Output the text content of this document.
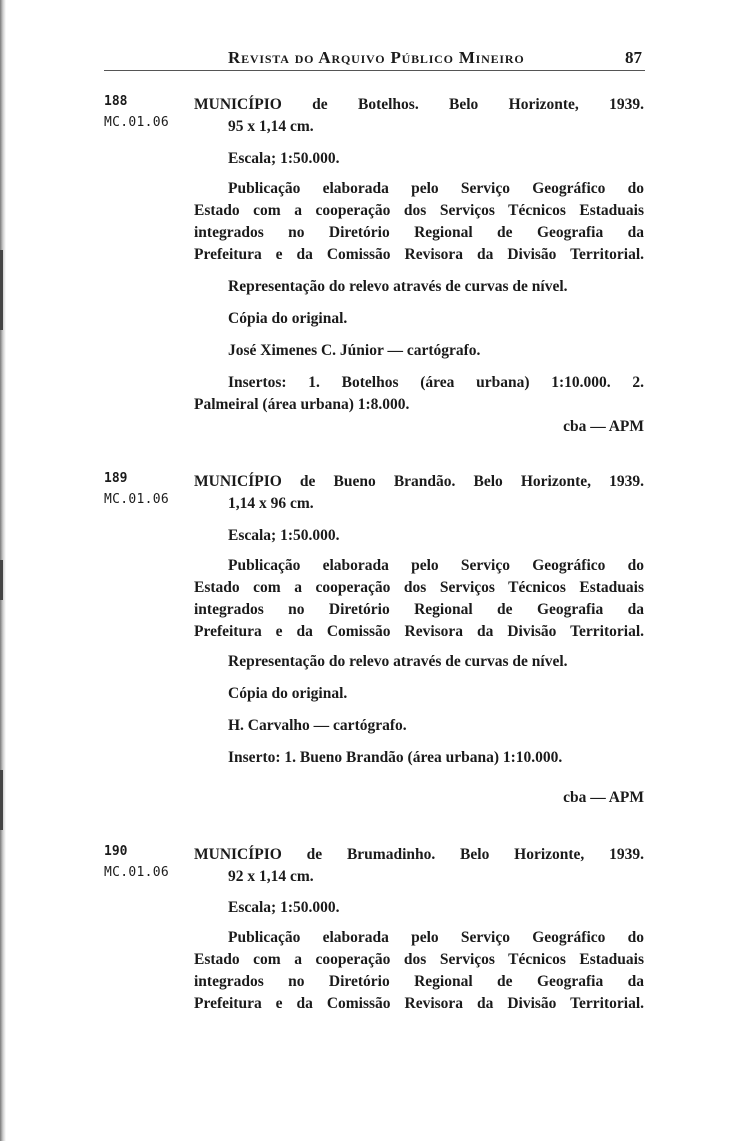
Revista do Arquivo Público Mineiro	87
188
MC.01.06
MUNICÍPIO de Botelhos. Belo Horizonte, 1939.
95 x 1,14 cm.
Escala; 1:50.000.
Publicação elaborada pelo Serviço Geográfico do
Estado com a cooperação dos Serviços Técnicos Estaduais
integrados no Diretório Regional de Geografia da
Prefeitura e da Comissão Revisora da Divisão Territorial.
Representação do relevo através de curvas de nível.
Cópia do original.
José Ximenes C. Júnior — cartógrafo.
Insertos: 1. Botelhos (área urbana) 1:10.000. 2.
Palmeiral (área urbana) 1:8.000.
cba — APM
189
MC.01.06
MUNICÍPIO de Bueno Brandão. Belo Horizonte, 1939.
1,14 x 96 cm.
Escala; 1:50.000.
Publicação elaborada pelo Serviço Geográfico do
Estado com a cooperação dos Serviços Técnicos Estaduais
integrados no Diretório Regional de Geografia da
Prefeitura e da Comissão Revisora da Divisão Territorial.
Representação do relevo através de curvas de nível.
Cópia do original.
H. Carvalho — cartógrafo.
Inserto: 1. Bueno Brandão (área urbana) 1:10.000.
cba — APM
190
MC.01.06
MUNICÍPIO de Brumadinho. Belo Horizonte, 1939.
92 x 1,14 cm.
Escala; 1:50.000.
Publicação elaborada pelo Serviço Geográfico do
Estado com a cooperação dos Serviços Técnicos Estaduais
integrados no Diretório Regional de Geografia da
Prefeitura e da Comissão Revisora da Divisão Territorial.
